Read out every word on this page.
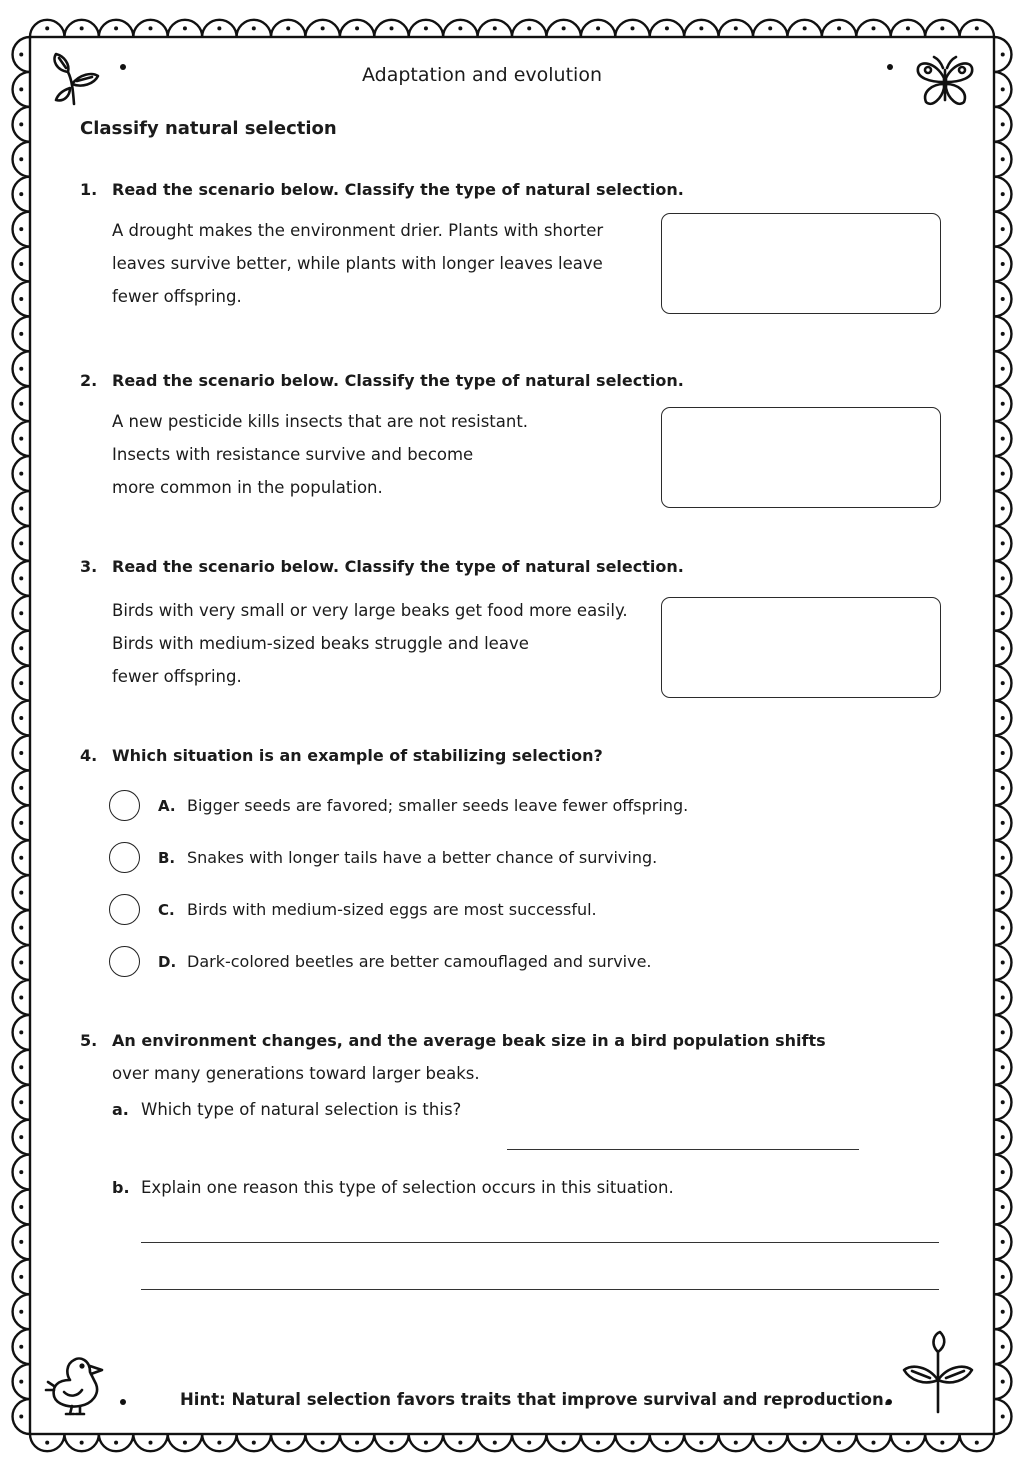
Adaptation and evolution
Classify natural selection
1. Read the scenario below. Classify the type of natural selection.
A drought makes the environment drier. Plants with shorter
leaves survive better, while plants with longer leaves leave
fewer offspring.
2. Read the scenario below. Classify the type of natural selection.
A new pesticide kills insects that are not resistant.
Insects with resistance survive and become
more common in the population.
3. Read the scenario below. Classify the type of natural selection.
Birds with very small or very large beaks get food more easily.
Birds with medium-sized beaks struggle and leave
fewer offspring.
4. Which situation is an example of stabilizing selection?
A. Bigger seeds are favored; smaller seeds leave fewer offspring.
B. Snakes with longer tails have a better chance of surviving.
C. Birds with medium-sized eggs are most successful.
D. Dark-colored beetles are better camouflaged and survive.
5. An environment changes, and the average beak size in a bird population shifts
over many generations toward larger beaks.
a. Which type of natural selection is this?
b. Explain one reason this type of selection occurs in this situation.
Hint: Natural selection favors traits that improve survival and reproduction.
